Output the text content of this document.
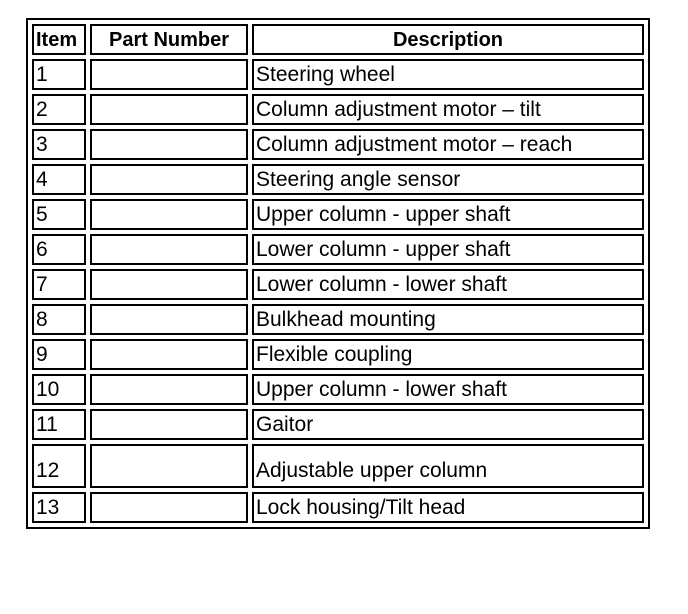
Item	Part Number	Description
1		Steering wheel
2		Column adjustment motor – tilt
3		Column adjustment motor – reach
4		Steering angle sensor
5		Upper column - upper shaft
6		Lower column - upper shaft
7		Lower column - lower shaft
8		Bulkhead mounting
9		Flexible coupling
10		Upper column - lower shaft
11		Gaitor
12		Adjustable upper column
13		Lock housing/Tilt head
